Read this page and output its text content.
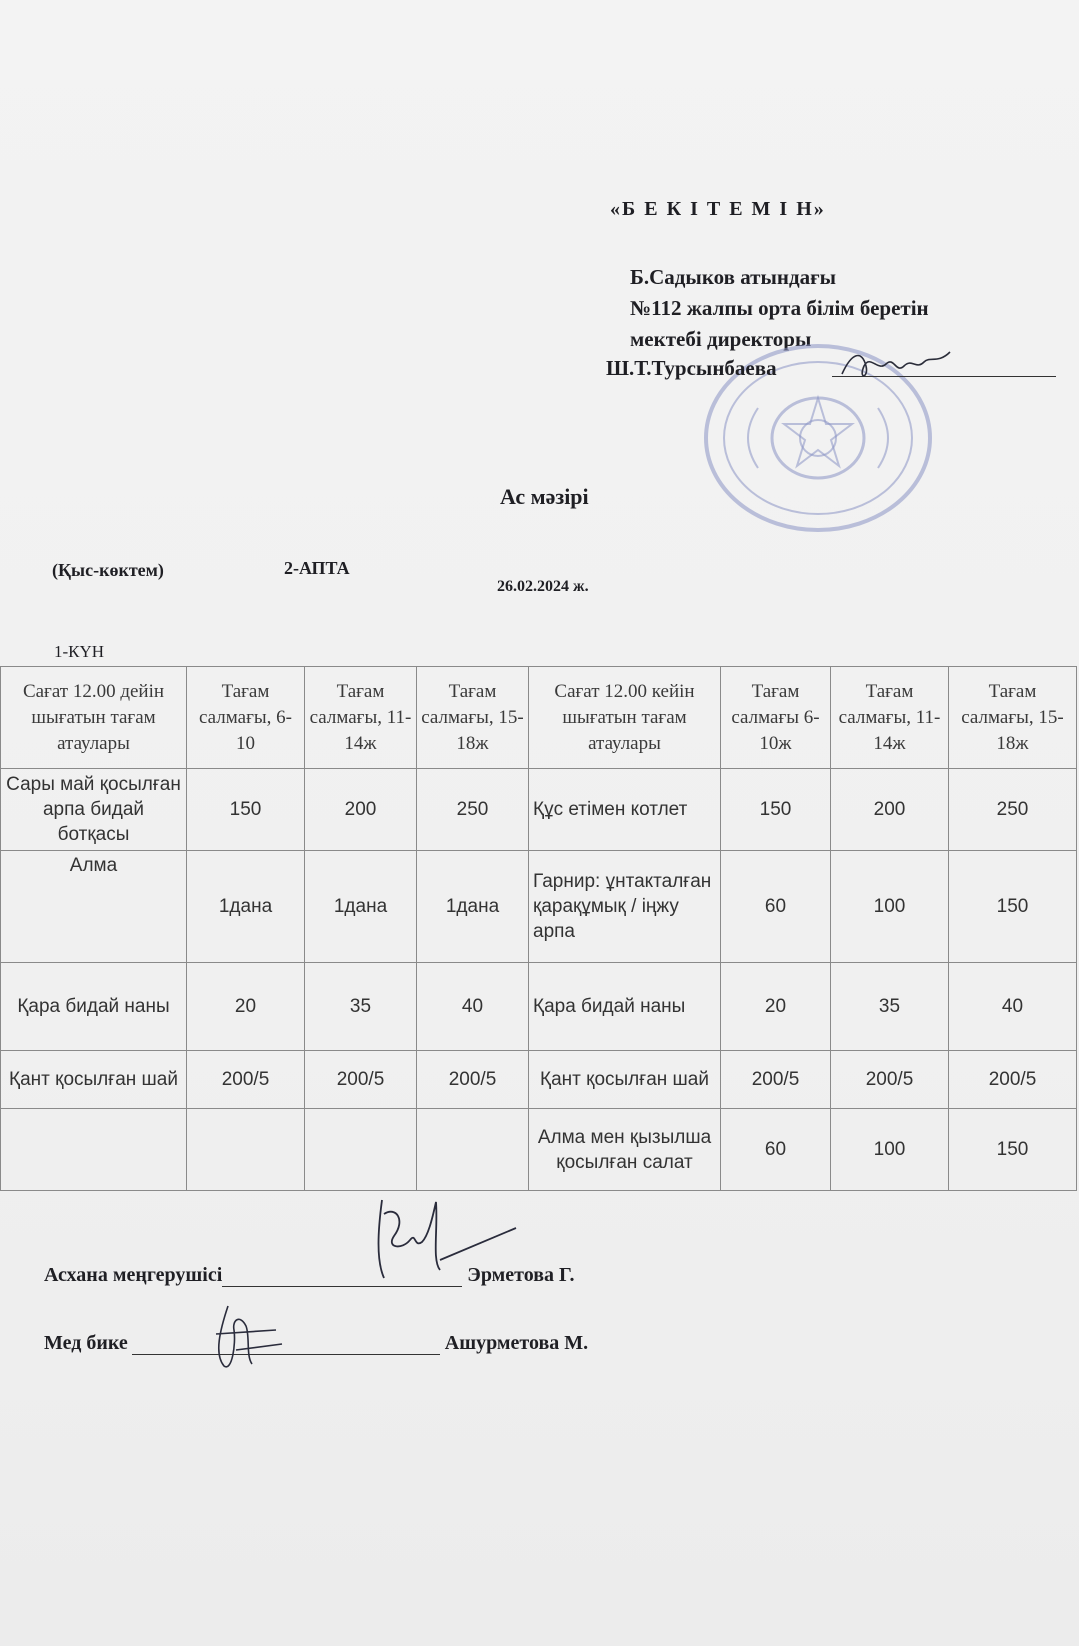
«Б Е К І Т Е М І Н»
Б.Садыков атындағы
№112 жалпы орта білім беретін
мектебі директоры
Ш.Т.Турсынбаева
Ас мәзірі
(Қыс-көктем)	2-АПТА
26.02.2024 ж.
1-КҮН
Сағат 12.00 дейін шығатын тағам атаулары	Тағам салмағы, 6-10	Тағам салмағы, 11-14ж	Тағам салмағы, 15-18ж	Сағат 12.00 кейін шығатын тағам атаулары	Тағам салмағы 6-10ж	Тағам салмағы, 11-14ж	Тағам салмағы, 15-18ж
Сары май қосылған арпа бидай ботқасы	150	200	250	Құс етімен котлет	150	200	250
Алма	1дана	1дана	1дана	Гарнир: ұнтакталған қарақұмық / іңжу арпа	60	100	150
Қара бидай наны	20	35	40	Қара бидай наны	20	35	40
Қант қосылған шай	200/5	200/5	200/5	Қант қосылған шай	200/5	200/5	200/5
				Алма мен қызылша қосылған салат	60	100	150
Асхана меңгерушісі	Эрметова Г.
Мед бике	Ашурметова М.
